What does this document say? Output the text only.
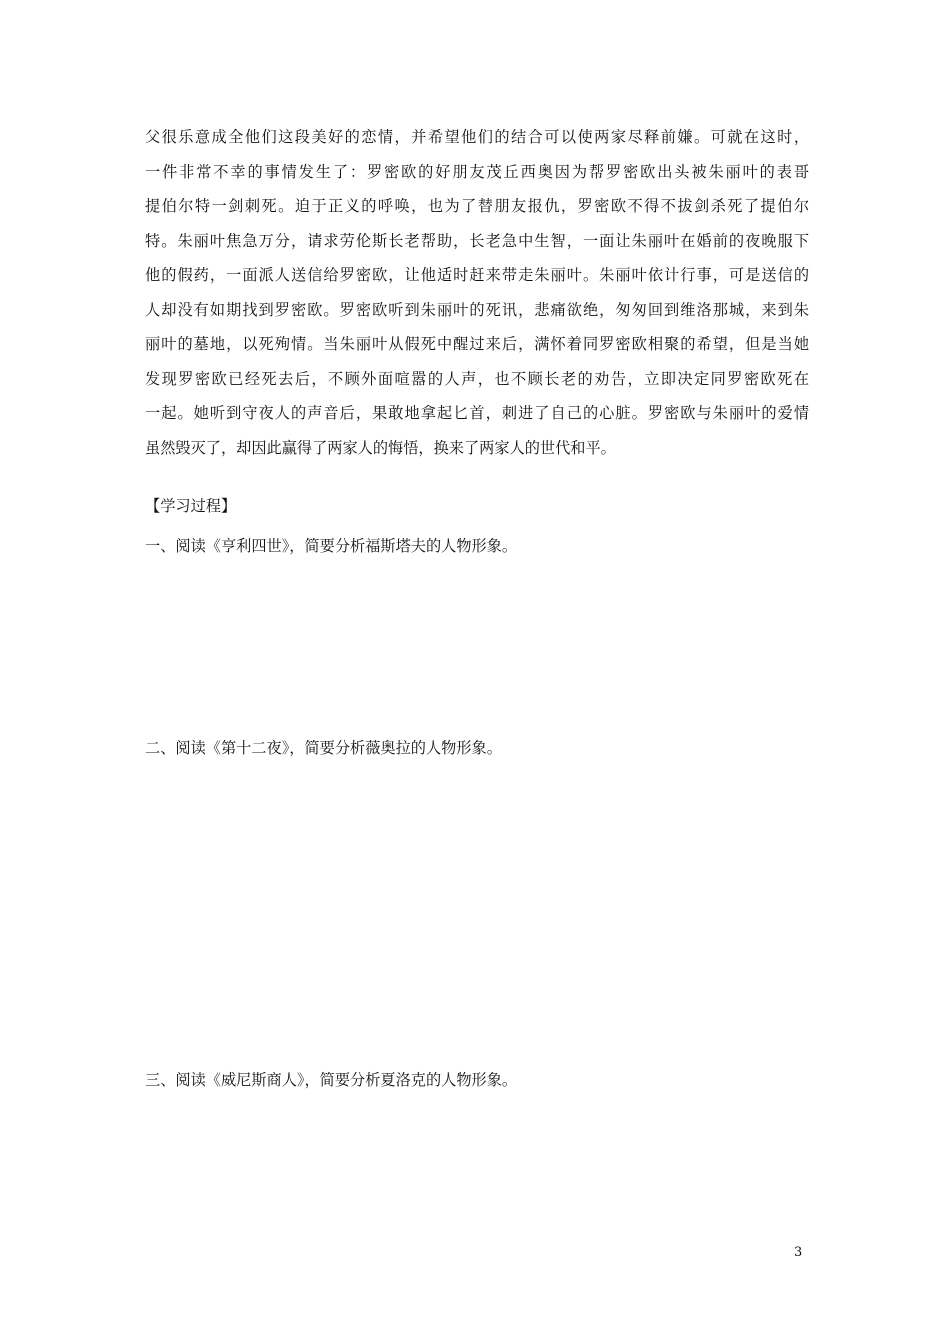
父很乐意成全他们这段美好的恋情，并希望他们的结合可以使两家尽释前嫌。可就在这时，
一件非常不幸的事情发生了：罗密欧的好朋友茂丘西奥因为帮罗密欧出头被朱丽叶的表哥
提伯尔特一剑刺死。迫于正义的呼唤，也为了替朋友报仇，罗密欧不得不拔剑杀死了提伯尔
特。朱丽叶焦急万分，请求劳伦斯长老帮助，长老急中生智，一面让朱丽叶在婚前的夜晚服下
他的假药，一面派人送信给罗密欧，让他适时赶来带走朱丽叶。朱丽叶依计行事，可是送信的
人却没有如期找到罗密欧。罗密欧听到朱丽叶的死讯，悲痛欲绝，匆匆回到维洛那城，来到朱
丽叶的墓地，以死殉情。当朱丽叶从假死中醒过来后，满怀着同罗密欧相聚的希望，但是当她
发现罗密欧已经死去后，不顾外面喧嚣的人声，也不顾长老的劝告，立即决定同罗密欧死在
一起。她听到守夜人的声音后，果敢地拿起匕首，刺进了自己的心脏。罗密欧与朱丽叶的爱情
虽然毁灭了，却因此赢得了两家人的悔悟，换来了两家人的世代和平。
【学习过程】
一、阅读《亨利四世》，简要分析福斯塔夫的人物形象。
二、阅读《第十二夜》，简要分析薇奥拉的人物形象。
三、阅读《威尼斯商人》，简要分析夏洛克的人物形象。
3
